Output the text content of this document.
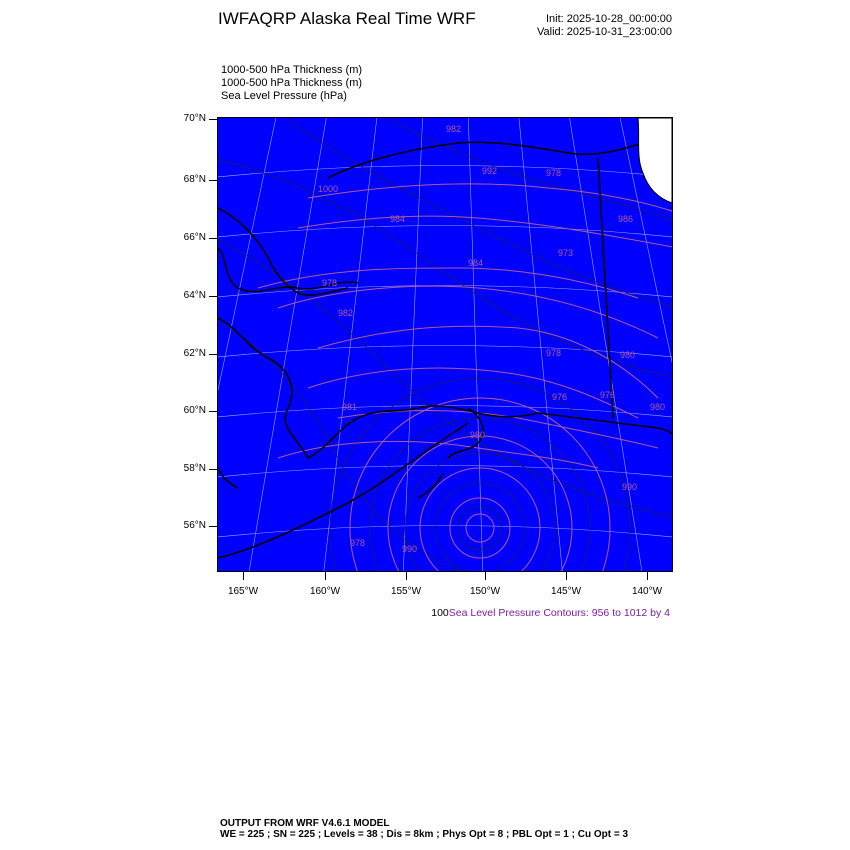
IWFAQRP Alaska Real Time WRF	Init: 2025-10-28_00:00:00
Valid: 2025-10-31_23:00:00
1000-500 hPa Thickness (m)
1000-500 hPa Thickness (m)
Sea Level Pressure (hPa)
982
1000
992	978
984	986
984
973
978
982
978	980
981
976	976
980
980
978
990
990
70°N
68°N
66°N
64°N
62°N
60°N
58°N
56°N
165°W	160°W	155°W	150°W	145°W	140°W
100Sea Level Pressure Contours: 956 to 1012 by 4
OUTPUT FROM WRF V4.6.1 MODEL
WE = 225 ; SN = 225 ; Levels = 38 ; Dis = 8km ; Phys Opt = 8 ; PBL Opt = 1 ; Cu Opt = 3
